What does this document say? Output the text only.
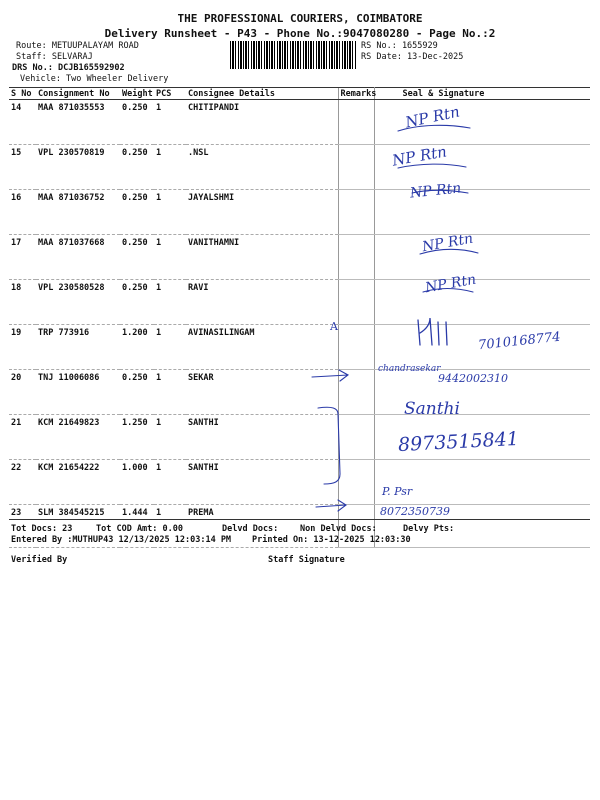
THE PROFESSIONAL COURIERS, COIMBATORE
Delivery Runsheet - P43 - Phone No.:9047080280 - Page No.:2
Route: METUUPALAYAM ROAD
Staff: SELVARAJ
DRS No.: DCJB165592902
Vehicle: Two Wheeler Delivery
RS No.: 1655929
RS Date: 13-Dec-2025
S No	Consignment No	Weight	PCS	Consignee Details	Remarks	Seal & Signature
14	MAA 871035553	0.250	1	CHITIPANDI		
15	VPL 230570819	0.250	1	.NSL		
16	MAA 871036752	0.250	1	JAYALSHMI		
17	MAA 871037668	0.250	1	VANITHAMNI		
18	VPL 230580528	0.250	1	RAVI		
19	TRP 773916	1.200	1	AVINASILINGAM		
20	TNJ 11006086	0.250	1	SEKAR		
21	KCM 21649823	1.250	1	SANTHI		
22	KCM 21654222	1.000	1	SANTHI		
23	SLM 384545215	1.444	1	PREMA		
Tot Docs: 23	Tot COD Amt: 0.00	Delvd Docs:	Non Delvd Docs:	Delvy Pts:
Entered By :MUTHUP43 12/13/2025 12:03:14 PM Printed On: 13-12-2025 12:03:30
Verified By	Staff Signature
A
NP Rtn
NP Rtn
NP Rtn
NP Rtn
NP Rtn
7010168774
chandrasekar
9442002310
Santhi
8973515841
P. Psr
8072350739
